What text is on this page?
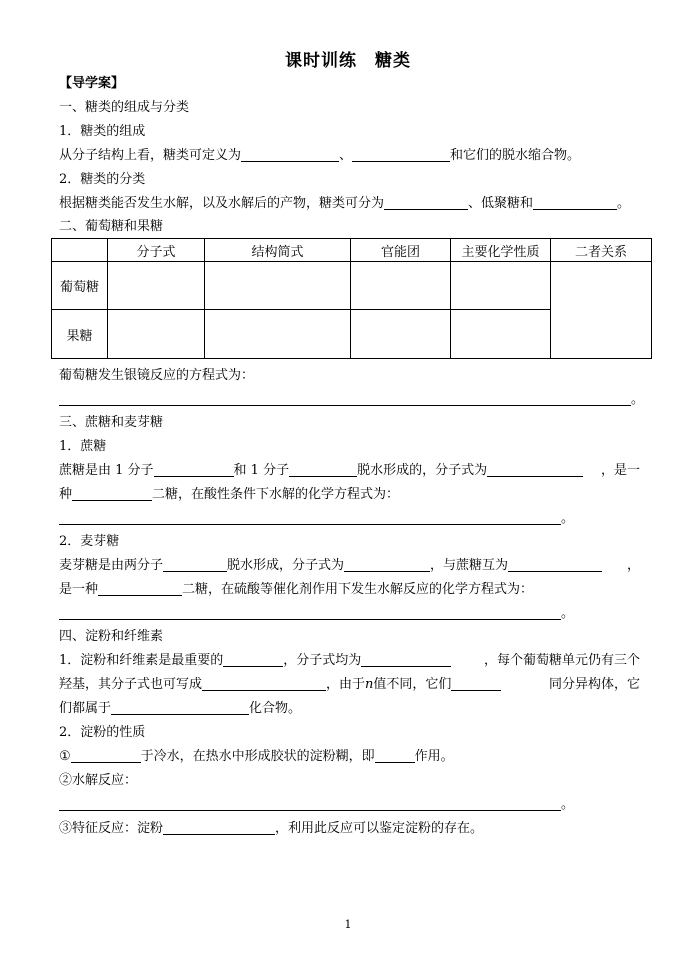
课时训练　糖类
【导学案】
一、糖类的组成与分类
1．糖类的组成
从分子结构上看，糖类可定义为	、	和它们的脱水缩合物。
2．糖类的分类
根据糖类能否发生水解，以及水解后的产物，糖类可分为	、低聚糖和	。
二、葡萄糖和果糖
	分子式	结构简式	官能团	主要化学性质	二者关系
葡萄糖					
果糖					
葡萄糖发生银镜反应的方程式为：
。
三、蔗糖和麦芽糖
1．蔗糖
蔗糖是由 1 分子	和 1 分子	脱水形成的，分子式为	，是一
种	二糖，在酸性条件下水解的化学方程式为：
。
2．麦芽糖
麦芽糖是由两分子	脱水形成，分子式为	，与蔗糖互为	，
是一种	二糖，在硫酸等催化剂作用下发生水解反应的化学方程式为：
。
四、淀粉和纤维素
1．淀粉和纤维素是最重要的	，分子式均为	，每个葡萄糖单元仍有三个
羟基，其分子式也可写成	，由于n值不同，它们	同分异构体，它
们都属于	化合物。
2．淀粉的性质
①	于冷水，在热水中形成胶状的淀粉糊，即	作用。
②水解反应：
。
③特征反应：淀粉	，利用此反应可以鉴定淀粉的存在。
1
